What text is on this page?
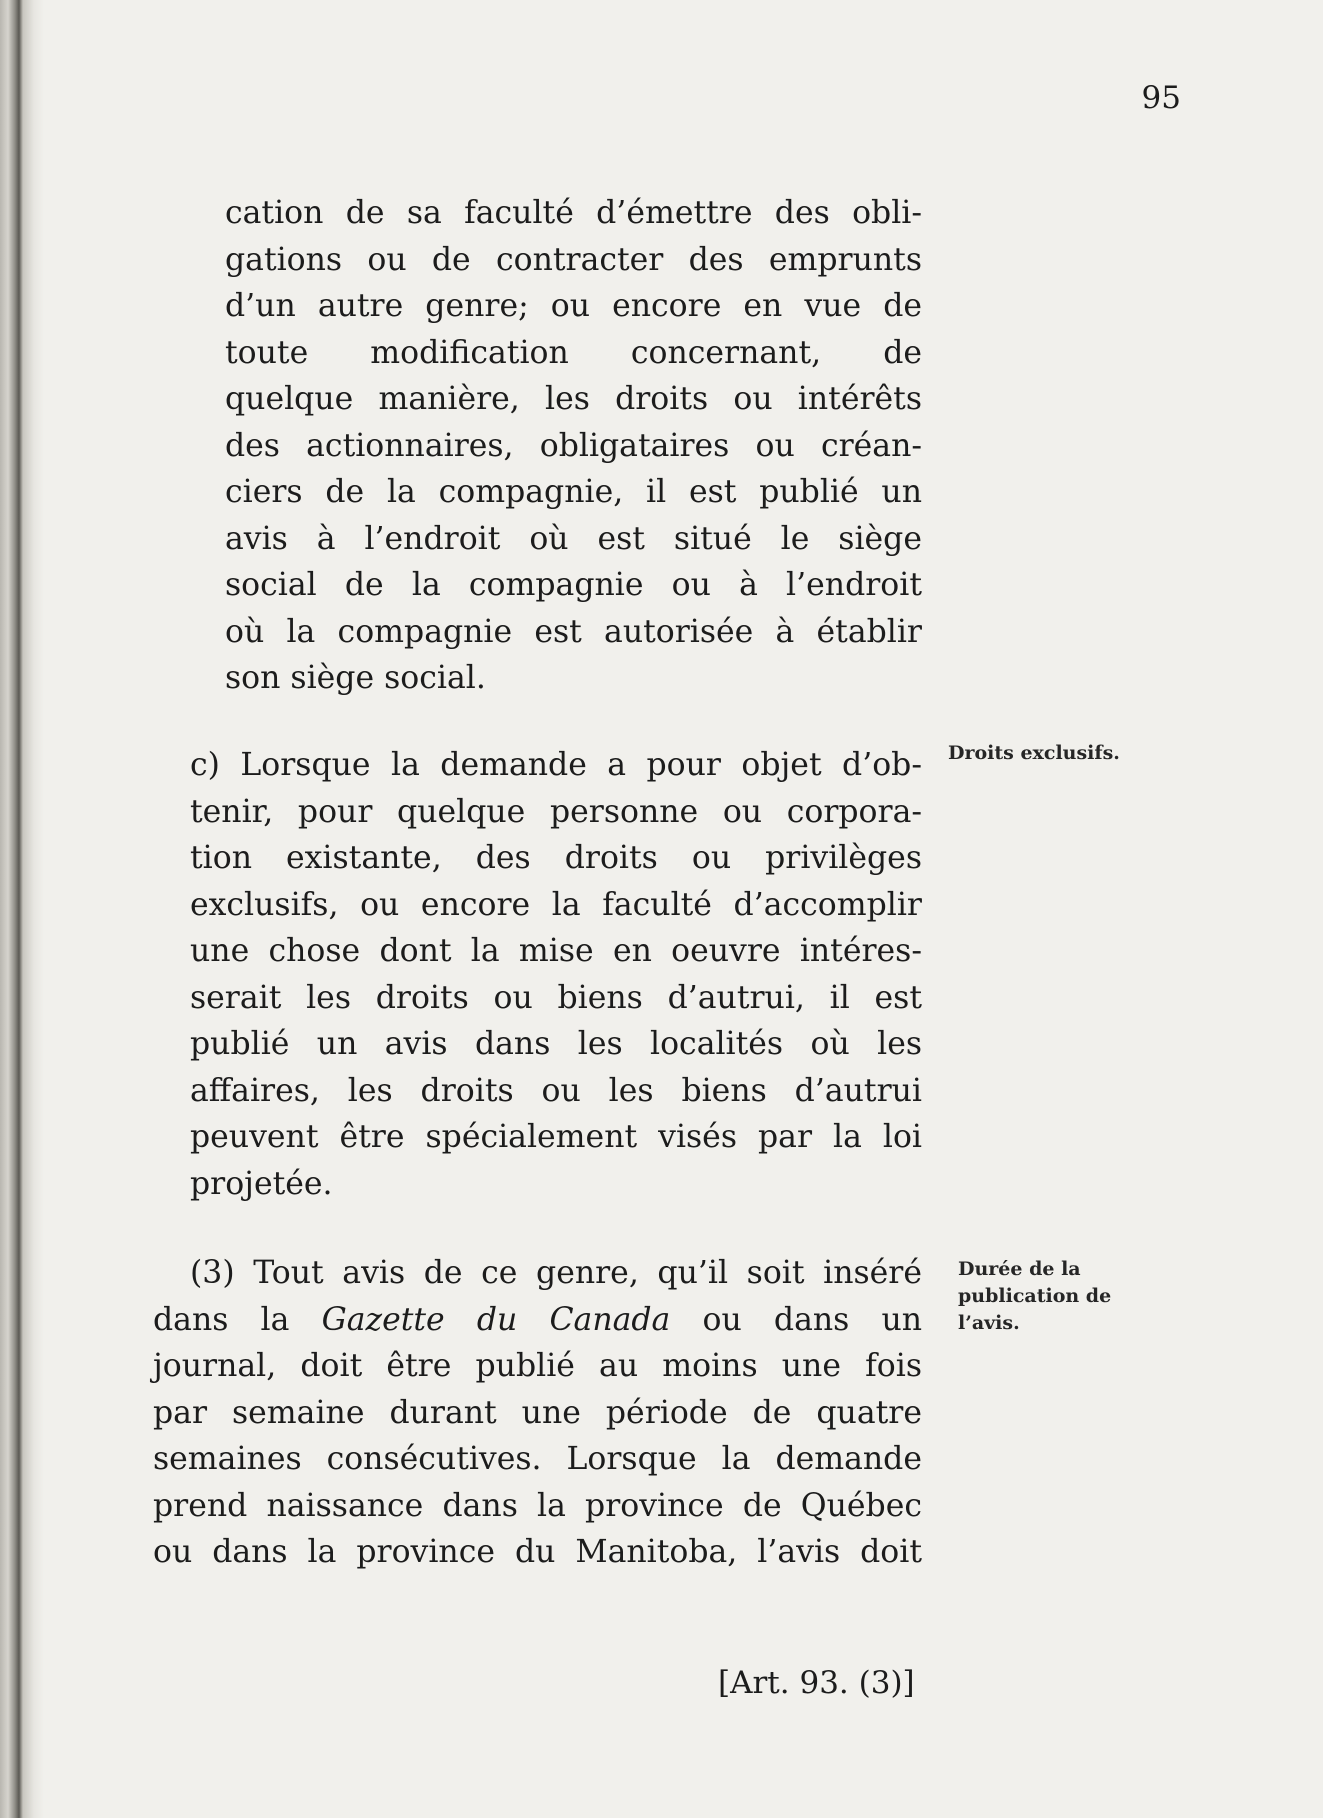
95
cation de sa faculté d’émettre des obli-
gations ou de contracter des emprunts
d’un autre genre; ou encore en vue de
toute modification concernant, de
quelque manière, les droits ou intérêts
des actionnaires, obligataires ou créan-
ciers de la compagnie, il est publié un
avis à l’endroit où est situé le siège
social de la compagnie ou à l’endroit
où la compagnie est autorisée à établir
son siège social.
c) Lorsque la demande a pour objet d’ob-
tenir, pour quelque personne ou corpora-
tion existante, des droits ou privilèges
exclusifs, ou encore la faculté d’accomplir
une chose dont la mise en oeuvre intéres-
serait les droits ou biens d’autrui, il est
publié un avis dans les localités où les
affaires, les droits ou les biens d’autrui
peuvent être spécialement visés par la loi
projetée.
(3) Tout avis de ce genre, qu’il soit inséré
dans la Gazette du Canada ou dans un
journal, doit être publié au moins une fois
par semaine durant une période de quatre
semaines consécutives. Lorsque la demande
prend naissance dans la province de Québec
ou dans la province du Manitoba, l’avis doit
Droits exclusifs.
Durée de la
publication de
l’avis.
[Art. 93. (3)]
